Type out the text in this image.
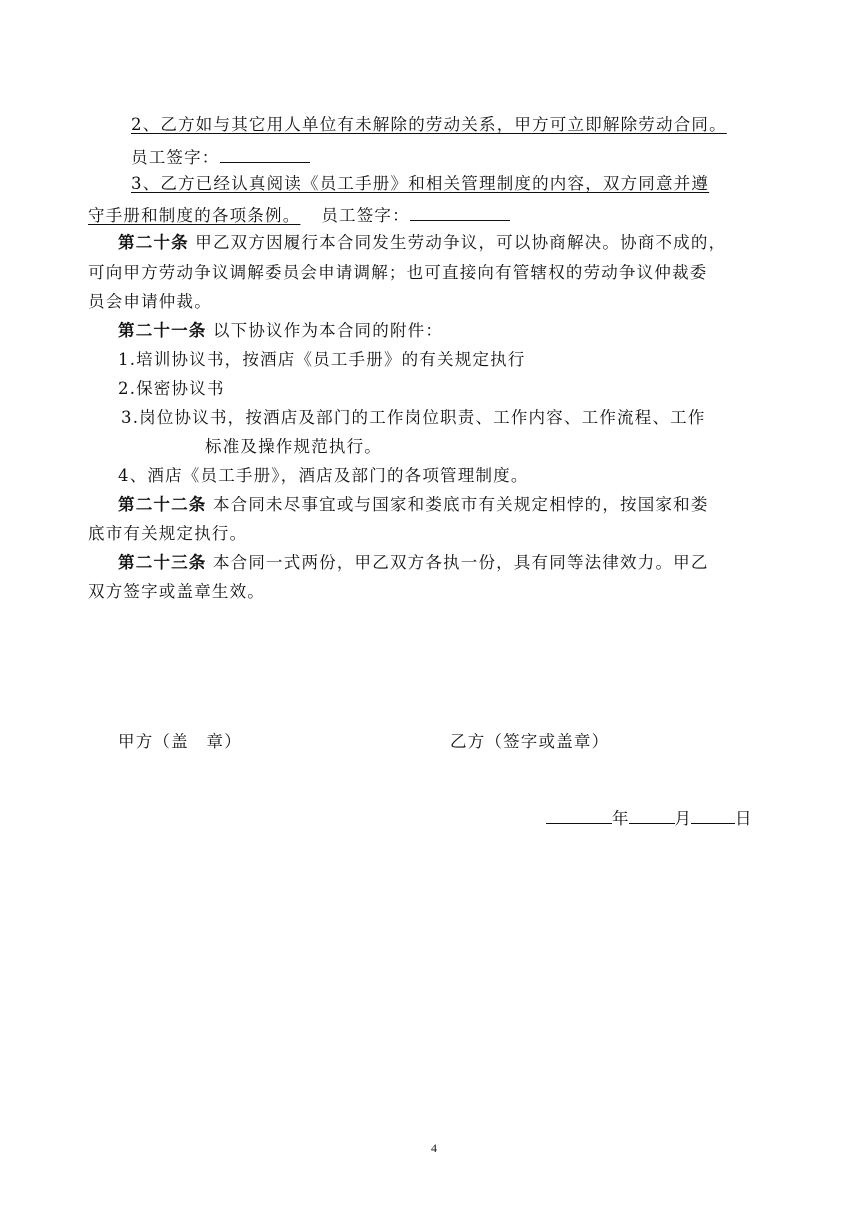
2、乙方如与其它用人单位有未解除的劳动关系，甲方可立即解除劳动合同。
员工签字：
3、乙方已经认真阅读《员工手册》和相关管理制度的内容，双方同意并遵
守手册和制度的各项条例。 员工签字：
第二十条 甲乙双方因履行本合同发生劳动争议，可以协商解决。协商不成的，
可向甲方劳动争议调解委员会申请调解；也可直接向有管辖权的劳动争议仲裁委
员会申请仲裁。
第二十一条 以下协议作为本合同的附件：
1.培训协议书，按酒店《员工手册》的有关规定执行
2.保密协议书
3.岗位协议书，按酒店及部门的工作岗位职责、工作内容、工作流程、工作
标准及操作规范执行。
4、酒店《员工手册》，酒店及部门的各项管理制度。
第二十二条 本合同未尽事宜或与国家和娄底市有关规定相悖的，按国家和娄
底市有关规定执行。
第二十三条 本合同一式两份，甲乙双方各执一份，具有同等法律效力。甲乙
双方签字或盖章生效。
甲方（盖　章）	乙方（签字或盖章）
年	月	日
4
